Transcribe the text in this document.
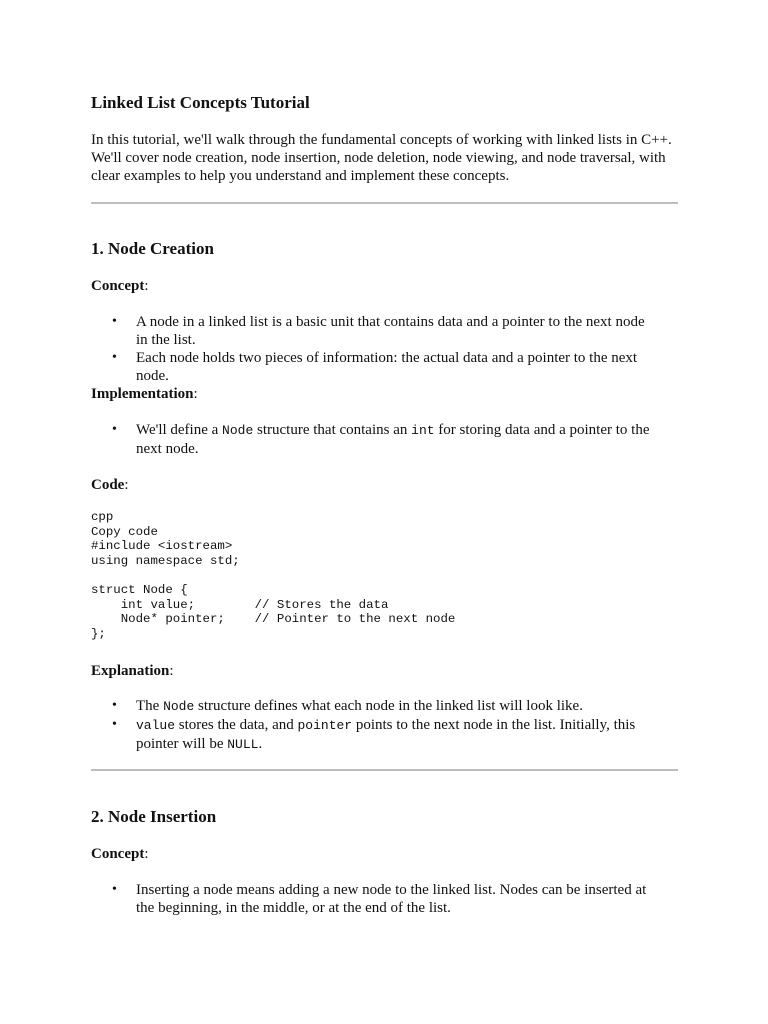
Linked List Concepts Tutorial

In this tutorial, we'll walk through the fundamental concepts of working with linked lists in C++. We'll cover node creation, node insertion, node deletion, node viewing, and node traversal, with clear examples to help you understand and implement these concepts.

1. Node Creation
Concept:
• A node in a linked list is a basic unit that contains data and a pointer to the next node in the list.
• Each node holds two pieces of information: the actual data and a pointer to the next node.
Implementation:
• We'll define a Node structure that contains an int for storing data and a pointer to the next node.
Code:
cpp
Copy code
#include <iostream>
using namespace std;

struct Node {
int value;        // Stores the data
Node* pointer;    // Pointer to the next node
};
Explanation:
• The Node structure defines what each node in the linked list will look like.
• value stores the data, and pointer points to the next node in the list. Initially, this pointer will be NULL.
2. Node Insertion
Concept:
• Inserting a node means adding a new node to the linked list. Nodes can be inserted at the beginning, in the middle, or at the end of the list.
